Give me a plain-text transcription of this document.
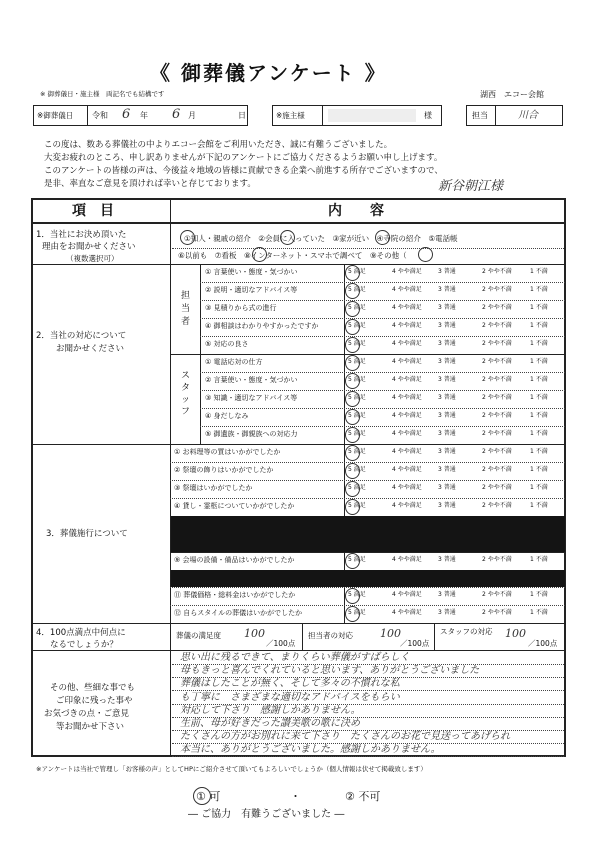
《 御葬儀アンケート 》
※ 御葬儀日・施主様　両記名でも結構です	湖西　エコー会館
※御葬儀日 令和 6 年 6 月	日	※施主様	様	担当	川合
この度は、数ある葬儀社の中よりエコー会館をご利用いただき、誠に有難うございました。
大変お疲れのところ、申し訳ありませんが下記のアンケートにご協力くださるようお願い申し上げます。
このアンケートの皆様の声は、今後益々地域の皆様に貢献できる企業へ前進する所存でございますので、
是非、率直なご意見を頂ければ幸いと存じております。	新谷朝江様
項　目	内　　容
1．当社にお決め頂いた
理由をお聞かせください
（複数選択可）
①知人・親戚の紹介　②会員に入っていた　③家が近い　④寺院の紹介　⑤電話帳
⑥以前も　⑦看板　⑧インターネット・スマホで調べて　⑨その他（
2．当社の対応について
お聞かせください
担当者
スタッフ
① 言葉使い・態度・気づかい	5 満足	4 やや満足	3 普通	2 やや不満	1 不満
② 説明・適切なアドバイス等	5 満足	4 やや満足	3 普通	2 やや不満	1 不満
③ 見積りから式の進行	5 満足	4 やや満足	3 普通	2 やや不満	1 不満
④ 御相談はわかりやすかったですか	5 満足	4 やや満足	3 普通	2 やや不満	1 不満
⑤ 対応の良さ	5 満足	4 やや満足	3 普通	2 やや不満	1 不満
① 電話応対の仕方	5 満足	4 やや満足	3 普通	2 やや不満	1 不満
② 言葉使い・態度・気づかい	5 満足	4 やや満足	3 普通	2 やや不満	1 不満
③ 知識・適切なアドバイス等	5 満足	4 やや満足	3 普通	2 やや不満	1 不満
④ 身だしなみ	5 満足	4 やや満足	3 普通	2 やや不満	1 不満
⑤ 御遺族・御親族への対応力	5 満足	4 やや満足	3 普通	2 やや不満	1 不満
3．葬儀施行について
① お料理等の質はいかがでしたか	5 満足	4 やや満足	3 普通	2 やや不満	1 不満
② 祭壇の飾りはいかがでしたか	5 満足	4 やや満足	3 普通	2 やや不満	1 不満
③ 祭壇はいかがでしたか	5 満足	4 やや満足	3 普通	2 やや不満	1 不満
④ 貸し・霊柩についていかがでしたか	5 満足	4 やや満足	3 普通	2 やや不満	1 不満
⑨ 会場の設備・備品はいかがでしたか	5 満足	4 やや満足	3 普通	2 やや不満	1 不満
⑪ 葬儀価格・総料金はいかがでしたか	5 満足	4 やや満足	3 普通	2 やや不満	1 不満
⑫ 自らスタイルの葬儀はいかがでしたか	5 満足	4 やや満足	3 普通	2 やや不満	1 不満
4．100点満点中何点に
なるでしょうか？
葬儀の満足度 100
／100点
担当者の対応 100
／100点
スタッフの対応 100
／100点
その他、些細な事でも
ご印象に残った事や
お気づきの点・ご意見
等お聞かせ下さい
思い出に残るできて、まりくらい葬儀がすばらしく
母もきっと喜んでくれていると思います、ありがとうございました
葬儀はしたことが無く、そして多々の不慣れな私
も丁寧に　さまざまな適切なアドバイスをもらい
対応して下さり　感謝しかありません。
生前、母が好きだった讃美歌の歌に決め
たくさんの方がお別れに来て下さり　たくさんのお花で見送ってあげられ
本当に、ありがとうございました。感謝しかありません。
※アンケートは当社で管理し「お客様の声」としてHPにご紹介させて頂いてもよろしいでしょうか（個人情報は伏せて掲載致します）
① 可	・	② 不可
― ご協力　有難うございました ―
